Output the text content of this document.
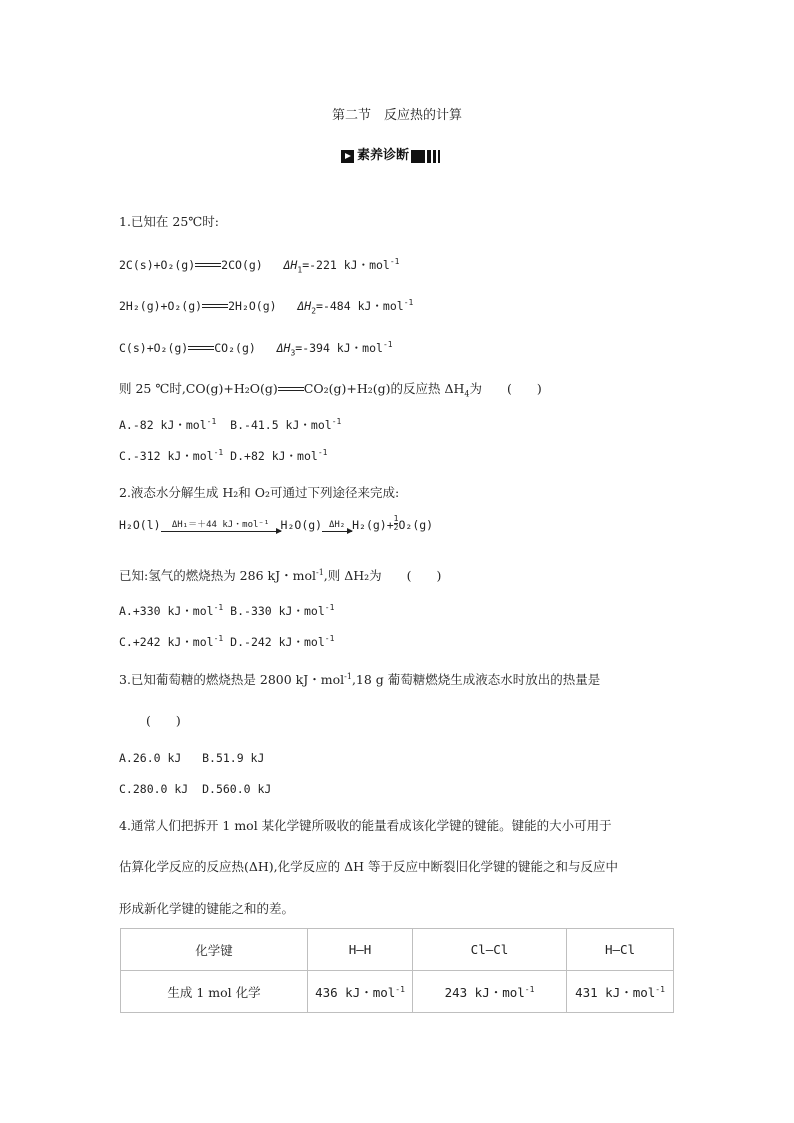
第二节　反应热的计算
素养诊断
1.已知在 25℃时:
2C(s)+O₂(g) 2CO(g) $\Delta H_1=-221$ kJ・mol$^{-1}$
2H₂(g)+O₂(g) 2H₂O(g) $\Delta H_2=-484$ kJ・mol$^{-1}$
C(s)+O₂(g) CO₂(g) $\Delta H_3=-394$ kJ・mol$^{-1}$
则 25 ℃时,CO(g)+H₂O(g) CO₂(g)+H₂(g)的反应热 $\Delta H_4$为　　(　　)
A.-82 kJ・mol$^{-1}$ B.-41.5 kJ・mol$^{-1}$
C.-312 kJ・mol$^{-1}$ D.+82 kJ・mol$^{-1}$
2.液态水分解生成 H₂和 O₂可通过下列途径来完成:
H₂O(l)	ΔH₁＝＋44 kJ・mol⁻¹ H₂O(g) ΔH₂ $H_2(g)+ \frac{1}{2} O_2(g)$
已知:氢气的燃烧热为 286 kJ・mol$^{-1}$,则 ΔH₂为　　(　　)
A.+330 kJ・mol$^{-1}$ B.-330 kJ・mol$^{-1}$
C.+242 kJ・mol$^{-1}$ D.-242 kJ・mol$^{-1}$
3.已知葡萄糖的燃烧热是 2800 kJ・mol$^{-1}$,18 g 葡萄糖燃烧生成液态水时放出的热量是
(　　)
A.26.0 kJ B.51.9 kJ
C.280.0 kJ D.560.0 kJ
4.通常人们把拆开 1 mol 某化学键所吸收的能量看成该化学键的键能。键能的大小可用于
估算化学反应的反应热(ΔH),化学反应的 ΔH 等于反应中断裂旧化学键的键能之和与反应中
形成新化学键的键能之和的差。
化学键	H—H	Cl—Cl	H—Cl
生成 1 mol 化学	436 kJ・mol$^{-1}$	243 kJ・mol$^{-1}$	431 kJ・mol$^{-1}$
